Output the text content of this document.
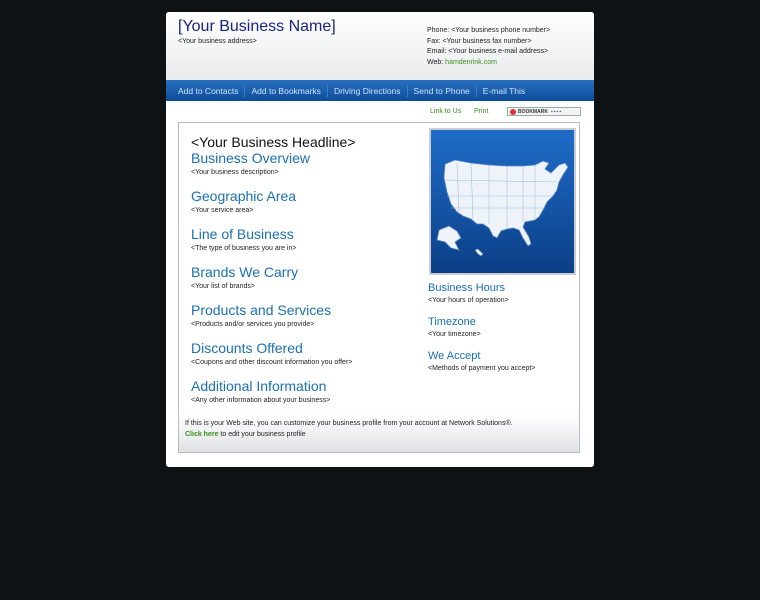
[Your Business Name]
<Your business address>
Phone: <Your business phone number>
Fax: <Your business fax number>
Email: <Your business e-mail address>
Web: hamdenrink.com
Add to Contacts	Add to Bookmarks	Driving Directions	Send to Phone	E-mail This
Link to Us Print	BOOKMARK ▪▪▪▪
<Your Business Headline>
Business Overview
<Your business description>
Geographic Area
<Your service area>
Line of Business
<The type of business you are in>
Brands We Carry
<Your list of brands>
Products and Services
<Products and/or services you provide>
Discounts Offered
<Coupons and other discount information you offer>
Additional Information
<Any other information about your business>
Business Hours
<Your hours of operation>
Timezone
<Your timezone>
We Accept
<Methods of payment you accept>
If this is your Web site, you can customize your business profile from your account at Network Solutions®.
Click here to edit your business profile
